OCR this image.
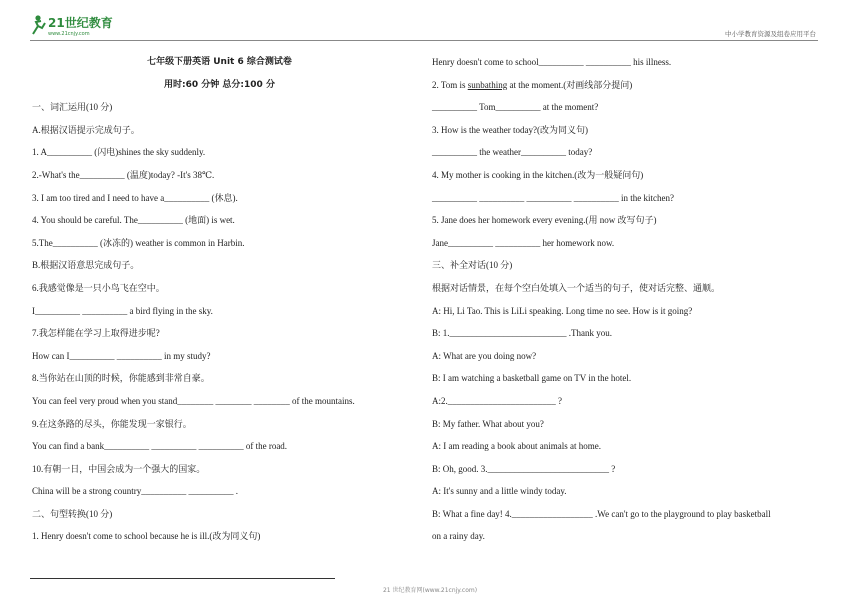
21世纪教育
www.21cnjy.com	中小学教育资源及组卷应用平台
七年级下册英语 Unit 6 综合测试卷
用时:60 分钟 总分:100 分
一、词汇运用(10 分)
A.根据汉语提示完成句子。
1. A__________ (闪电)shines the sky suddenly.
2.-What's the__________ (温度)today? -It's 38℃.
3. I am too tired and I need to have a__________ (休息).
4. You should be careful. The__________ (地面) is wet.
5.The__________ (冰冻的) weather is common in Harbin.
B.根据汉语意思完成句子。
6.我感觉像是一只小鸟飞在空中。
I__________ __________ a bird flying in the sky.
7.我怎样能在学习上取得进步呢?
How can I__________ __________ in my study?
8.当你站在山顶的时候，你能感到非常自豪。
You can feel very proud when you stand________ ________ ________ of the mountains.
9.在这条路的尽头，你能发现一家银行。
You can find a bank__________ __________ __________ of the road.
10.有朝一日，中国会成为一个强大的国家。
China will be a strong country__________ __________ .
二、句型转换(10 分)
1. Henry doesn't come to school because he is ill.(改为同义句)
Henry doesn't come to school__________ __________ his illness.
2. Tom is sunbathing at the moment.(对画线部分提问)
__________ Tom__________ at the moment?
3. How is the weather today?(改为同义句)
__________ the weather__________ today?
4. My mother is cooking in the kitchen.(改为一般疑问句)
__________ __________ __________ __________ in the kitchen?
5. Jane does her homework every evening.(用 now 改写句子)
Jane__________ __________ her homework now.
三、补全对话(10 分)
根据对话情景，在每个空白处填入一个适当的句子，使对话完整、通顺。
A: Hi, Li Tao. This is LiLi speaking. Long time no see. How is it going?
B: 1.__________________________ .Thank you.
A: What are you doing now?
B: I am watching a basketball game on TV in the hotel.
A:2.________________________ ?
B: My father. What about you?
A: I am reading a book about animals at home.
B: Oh, good. 3.___________________________ ?
A: It's sunny and a little windy today.
B: What a fine day! 4.__________________ .We can't go to the playground to play basketball
on a rainy day.
21 世纪教育网(www.21cnjy.com)
